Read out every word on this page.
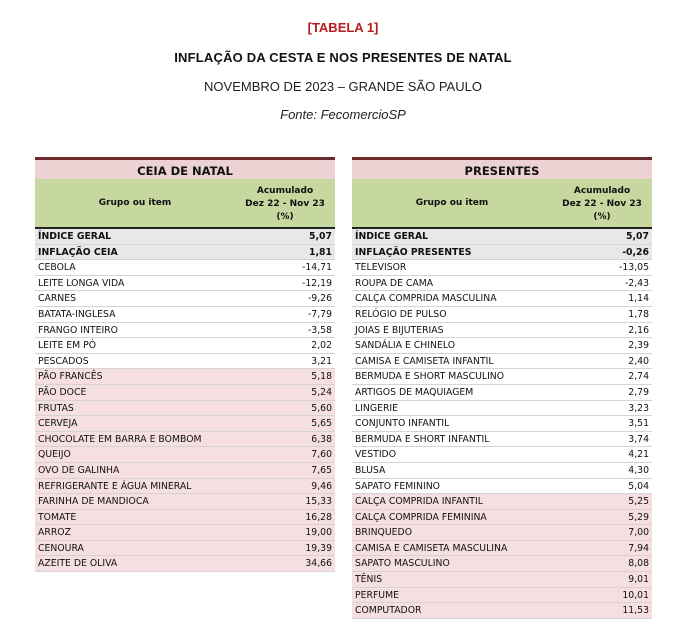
[TABELA 1]
INFLAÇÃO DA CESTA E NOS PRESENTES DE NATAL
NOVEMBRO DE 2023 – GRANDE SÃO PAULO
Fonte: FecomercioSP
CEIA DE NATAL
Grupo ou item
Acumulado
Dez 22 - Nov 23
(%)
ÍNDICE GERAL	5,07
INFLAÇÃO CEIA	1,81
CEBOLA	-14,71
LEITE LONGA VIDA	-12,19
CARNES	-9,26
BATATA-INGLESA	-7,79
FRANGO INTEIRO	-3,58
LEITE EM PÓ	2,02
PESCADOS	3,21
PÃO FRANCÊS	5,18
PÃO DOCE	5,24
FRUTAS	5,60
CERVEJA	5,65
CHOCOLATE EM BARRA E BOMBOM	6,38
QUEIJO	7,60
OVO DE GALINHA	7,65
REFRIGERANTE E ÁGUA MINERAL	9,46
FARINHA DE MANDIOCA	15,33
TOMATE	16,28
ARROZ	19,00
CENOURA	19,39
AZEITE DE OLIVA	34,66
PRESENTES
Grupo ou item
Acumulado
Dez 22 - Nov 23
(%)
ÍNDICE GERAL	5,07
INFLAÇÃO PRESENTES	-0,26
TELEVISOR	-13,05
ROUPA DE CAMA	-2,43
CALÇA COMPRIDA MASCULINA	1,14
RELÓGIO DE PULSO	1,78
JOIAS E BIJUTERIAS	2,16
SANDÁLIA E CHINELO	2,39
CAMISA E CAMISETA INFANTIL	2,40
BERMUDA E SHORT MASCULINO	2,74
ARTIGOS DE MAQUIAGEM	2,79
LINGERIE	3,23
CONJUNTO INFANTIL	3,51
BERMUDA E SHORT INFANTIL	3,74
VESTIDO	4,21
BLUSA	4,30
SAPATO FEMININO	5,04
CALÇA COMPRIDA INFANTIL	5,25
CALÇA COMPRIDA FEMININA	5,29
BRINQUEDO	7,00
CAMISA E CAMISETA MASCULINA	7,94
SAPATO MASCULINO	8,08
TÊNIS	9,01
PERFUME	10,01
COMPUTADOR	11,53
